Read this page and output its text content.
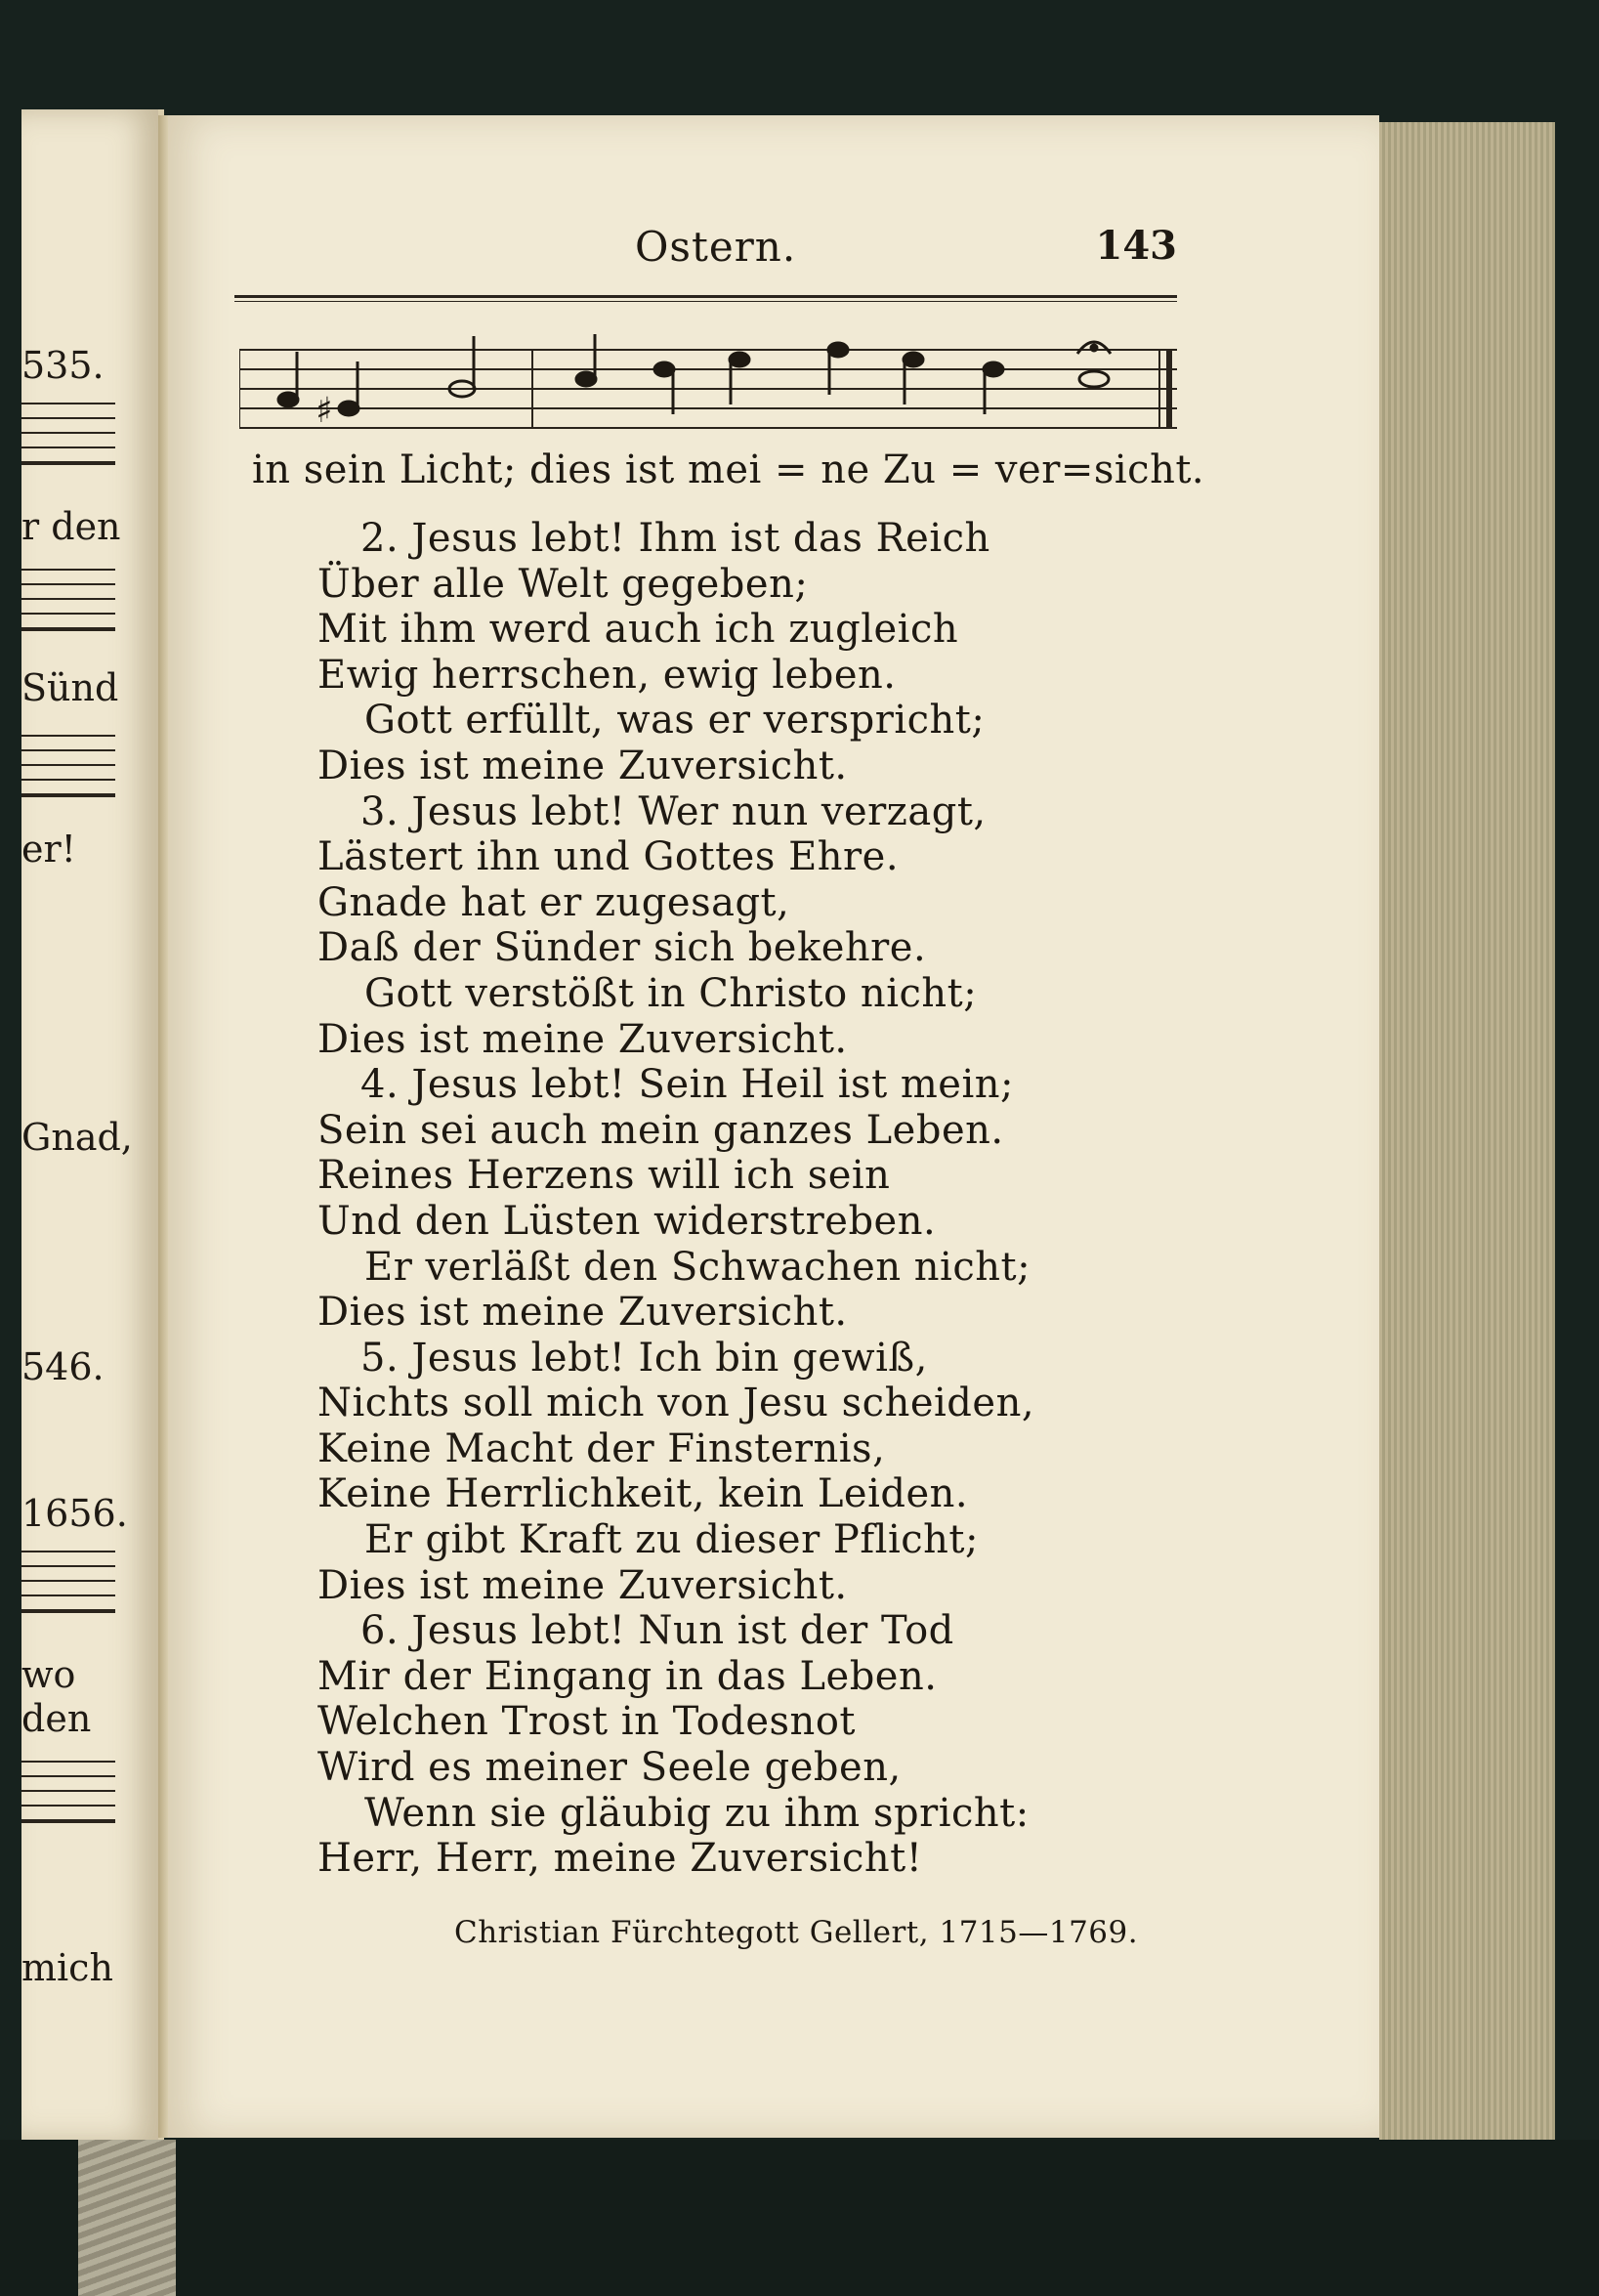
535.
r den
Sünd
er!
Gnad,
546.
1656.
wo
den
mich
Ostern.	143
♯
in sein Licht; dies ist mei = ne Zu = ver=sicht.
2. Jesus lebt! Ihm ist das Reich
Über alle Welt gegeben;
Mit ihm werd auch ich zugleich
Ewig herrschen, ewig leben.
Gott erfüllt, was er verspricht;
Dies ist meine Zuversicht.
3. Jesus lebt! Wer nun verzagt,
Lästert ihn und Gottes Ehre.
Gnade hat er zugesagt,
Daß der Sünder sich bekehre.
Gott verstößt in Christo nicht;
Dies ist meine Zuversicht.
4. Jesus lebt! Sein Heil ist mein;
Sein sei auch mein ganzes Leben.
Reines Herzens will ich sein
Und den Lüsten widerstreben.
Er verläßt den Schwachen nicht;
Dies ist meine Zuversicht.
5. Jesus lebt! Ich bin gewiß,
Nichts soll mich von Jesu scheiden,
Keine Macht der Finsternis,
Keine Herrlichkeit, kein Leiden.
Er gibt Kraft zu dieser Pflicht;
Dies ist meine Zuversicht.
6. Jesus lebt! Nun ist der Tod
Mir der Eingang in das Leben.
Welchen Trost in Todesnot
Wird es meiner Seele geben,
Wenn sie gläubig zu ihm spricht:
Herr, Herr, meine Zuversicht!
Christian Fürchtegott Gellert, 1715—1769.
